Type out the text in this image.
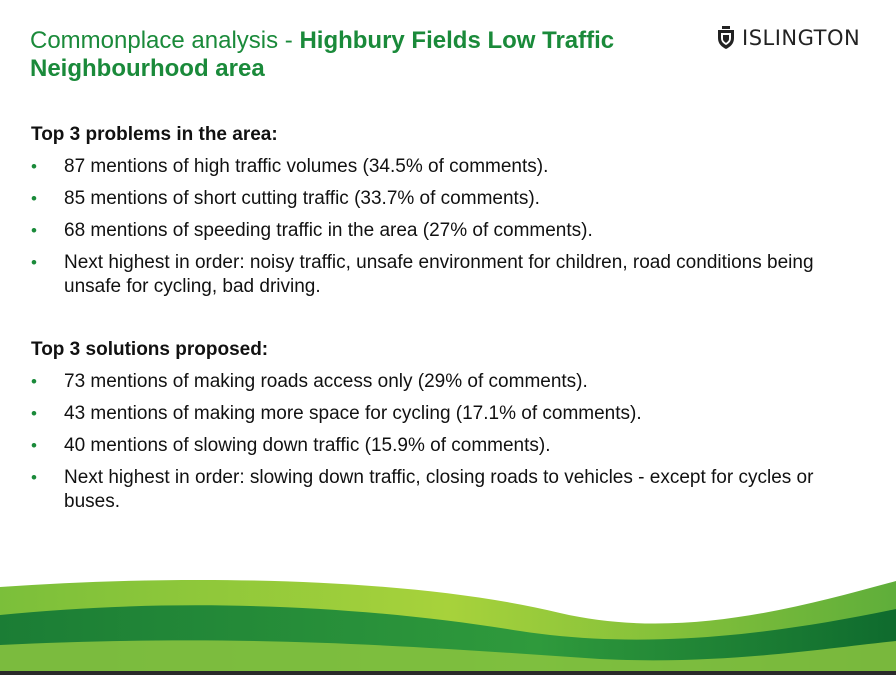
Commonplace analysis - Highbury Fields Low Traffic Neighbourhood area
ISLINGTON
Top 3 problems in the area:
• 87 mentions of high traffic volumes (34.5% of comments).
• 85 mentions of short cutting traffic (33.7% of comments).
• 68 mentions of speeding traffic in the area (27% of comments).
• Next highest in order: noisy traffic, unsafe environment for children, road conditions being unsafe for cycling, bad driving.
Top 3 solutions proposed:
• 73 mentions of making roads access only (29% of comments).
• 43 mentions of making more space for cycling (17.1% of comments).
• 40 mentions of slowing down traffic (15.9% of comments).
• Next highest in order: slowing down traffic, closing roads to vehicles - except for cycles or buses.
